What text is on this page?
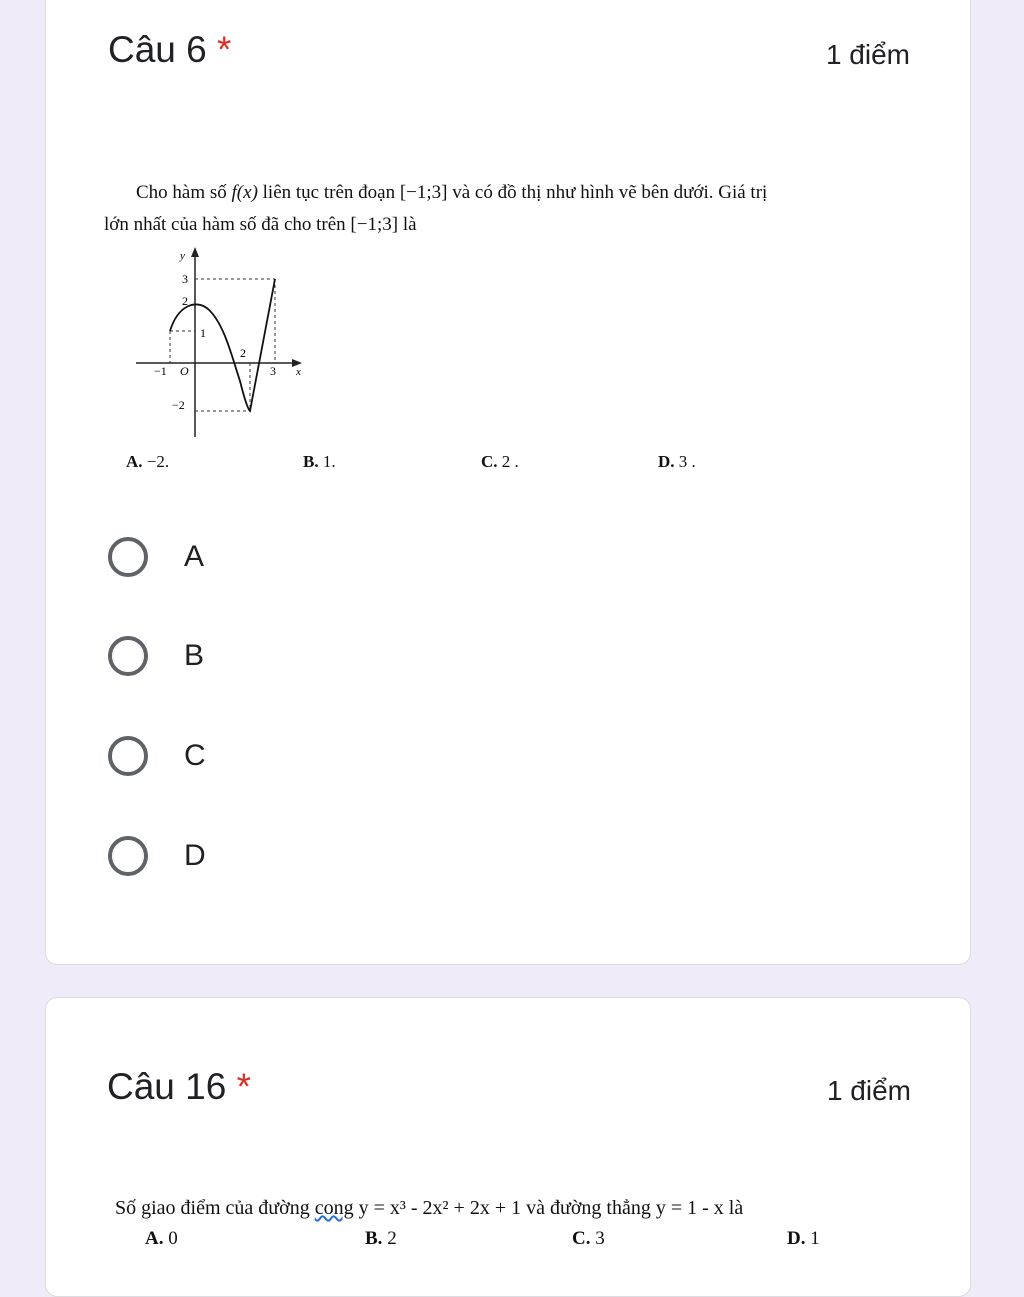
Câu 6 *	1 điểm
Cho hàm số f(x) liên tục trên đoạn [−1;3] và có đồ thị như hình vẽ bên dưới. Giá trị
lớn nhất của hàm số đã cho trên [−1;3] là
y
x
3
2
1
−2
−1 O
2
3
A. −2.	B. 1.	C. 2 .	D. 3 .
A
B
C
D
Câu 16 *	1 điểm
Số giao điểm của đường cong y = x³ - 2x² + 2x + 1 và đường thẳng y = 1 - x là
A. 0	B. 2	C. 3	D. 1
